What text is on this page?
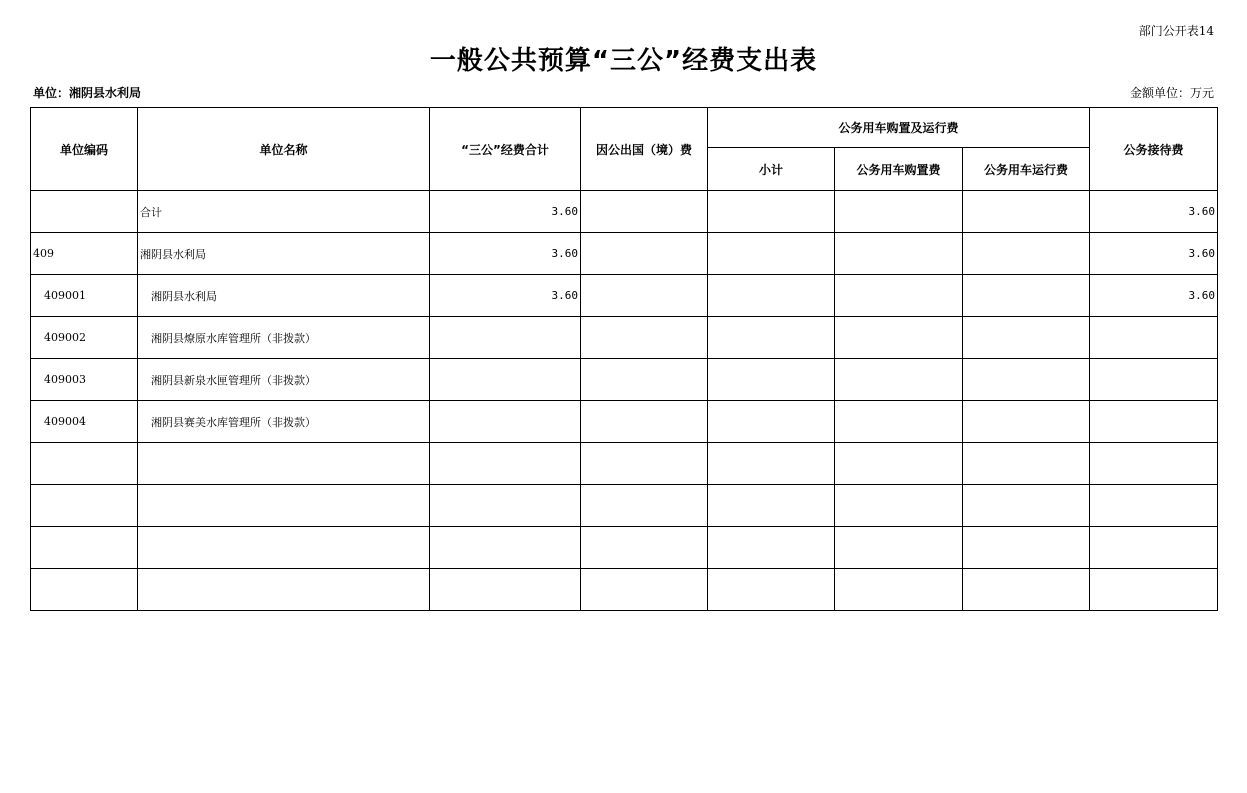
部门公开表14
一般公共预算“三公”经费支出表
单位：湘阴县水利局	金额单位：万元
单位编码	单位名称	“三公”经费合计	因公出国（境）费	公务用车购置及运行费			公务接待费
				小计	公务用车购置费	公务用车运行费	
	合计	3.60					3.60
409	湘阴县水利局	3.60					3.60
409001	湘阴县水利局	3.60					3.60
409002	湘阴县燎原水库管理所（非拨款）						
409003	湘阴县新泉水匣管理所（非拨款）						
409004	湘阴县赛美水库管理所（非拨款）						
